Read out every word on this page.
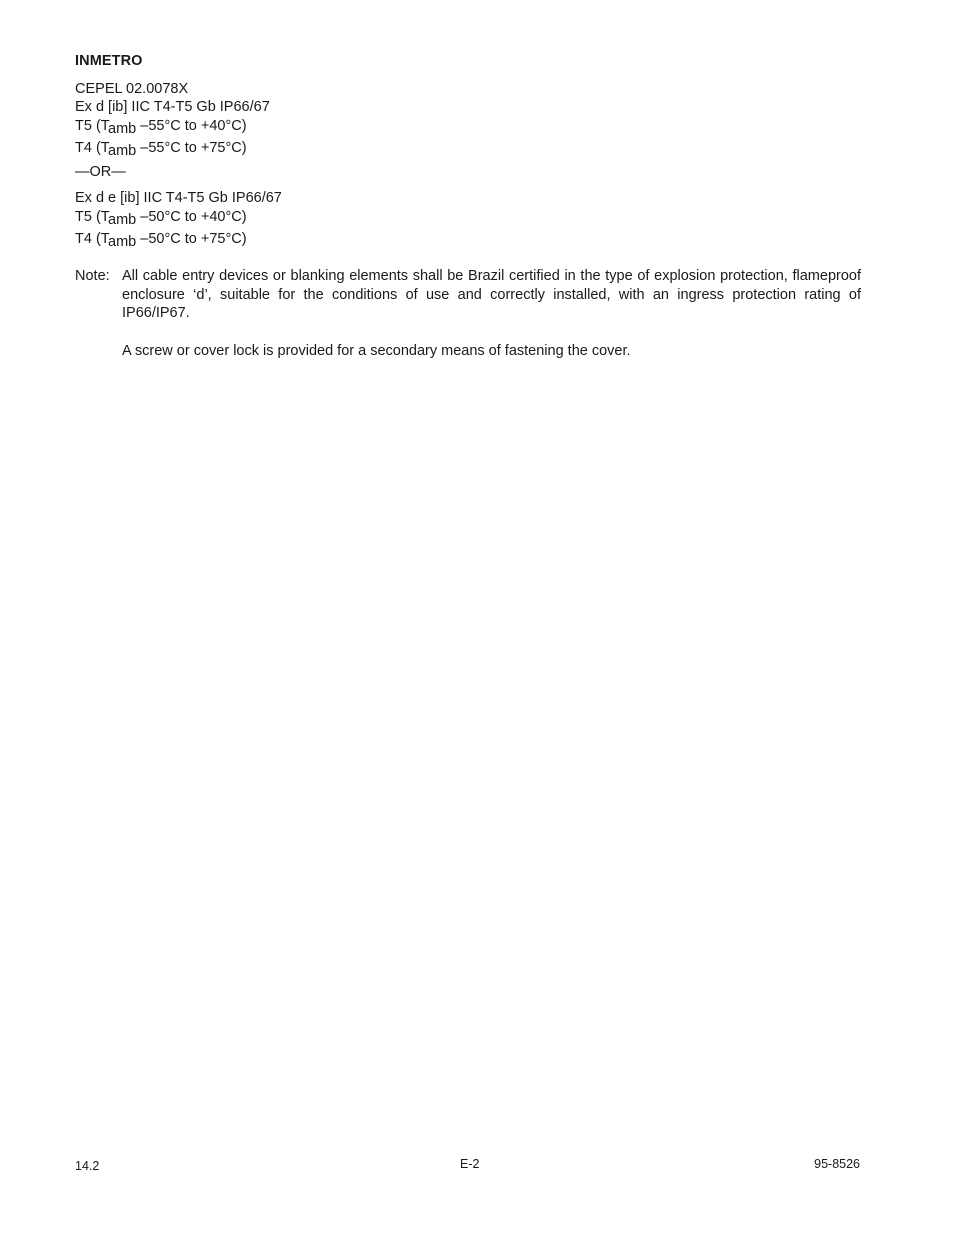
INMETRO
CEPEL 02.0078X
Ex d [ib] IIC T4-T5 Gb IP66/67
T5 (Tamb –55°C to +40°C)
T4 (Tamb –55°C to +75°C)
—OR—
Ex d e [ib] IIC T4-T5 Gb IP66/67
T5 (Tamb –50°C to +40°C)
T4 (Tamb –50°C to +75°C)
Note: All cable entry devices or blanking elements shall be Brazil certified in the type of explosion protection, flameproof enclosure ‘d’, suitable for the conditions of use and correctly installed, with an ingress protection rating of IP66/IP67.
A screw or cover lock is provided for a secondary means of fastening the cover.
14.2	E-2	95-8526
